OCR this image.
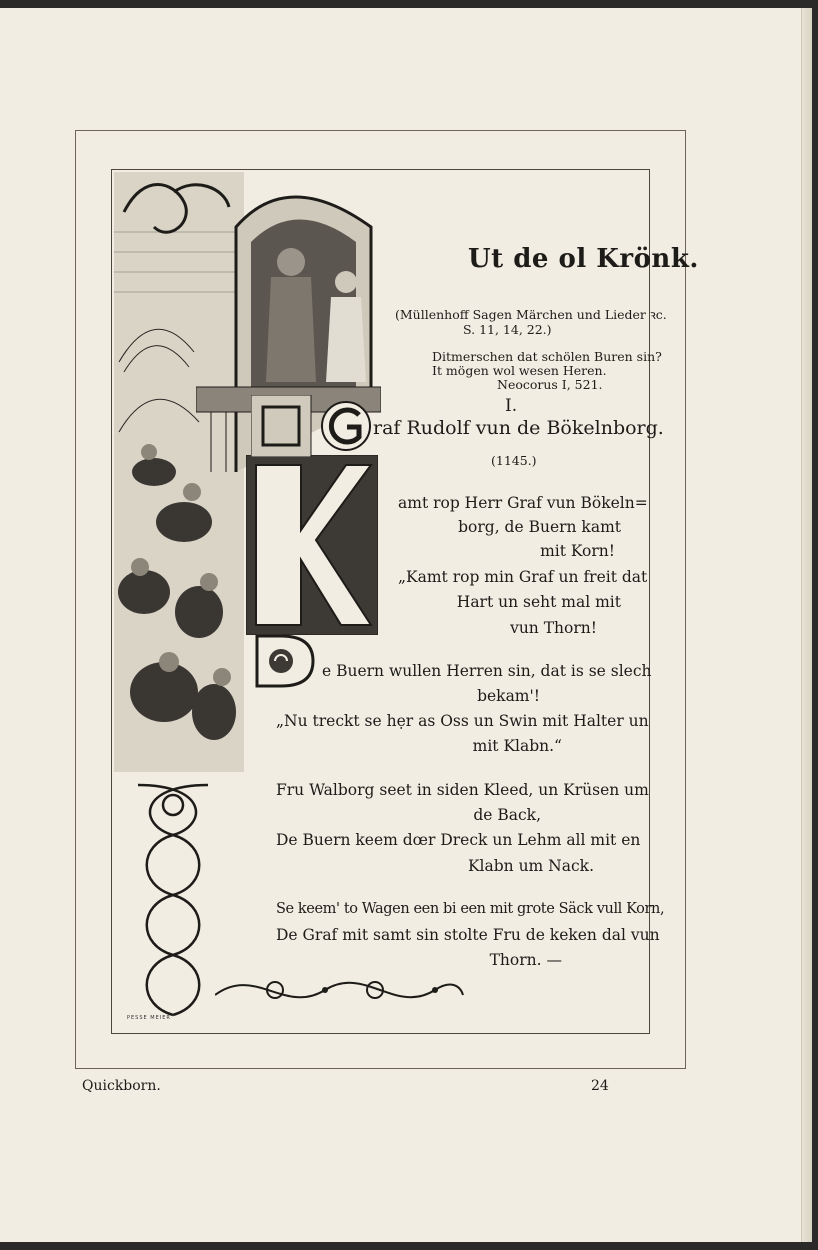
PESSE MEIER
Ut de ol Krönk.
(Müllenhoff Sagen Märchen und Lieder ꝛc.
S. 11, 14, 22.)
Ditmerschen dat schölen Buren sin?
It mögen wol wesen Heren.
Neocorus I, 521.
I.
raf Rudolf vun de Bökelnborg.
(1145.)
amt rop Herr Graf vun Bökeln=
borg, de Buern kamt
mit Korn!
„Kamt rop min Graf un freit dat
Hart un seht mal mit
vun Thorn!
e Buern wullen Herren sin, dat is se slech
bekam'!
„Nu treckt se hẹr as Oss un Swin mit Halter un
mit Klabn.“
Fru Walborg seet in siden Kleed, un Krüsen um
de Back,
De Buern keem dœr Dreck un Lehm all mit en
Klabn um Nack.
Se keem' to Wagen een bi een mit grote Säck vull Korn,
De Graf mit samt sin stolte Fru de keken dal vun
Thorn. —
Quickborn.	24
